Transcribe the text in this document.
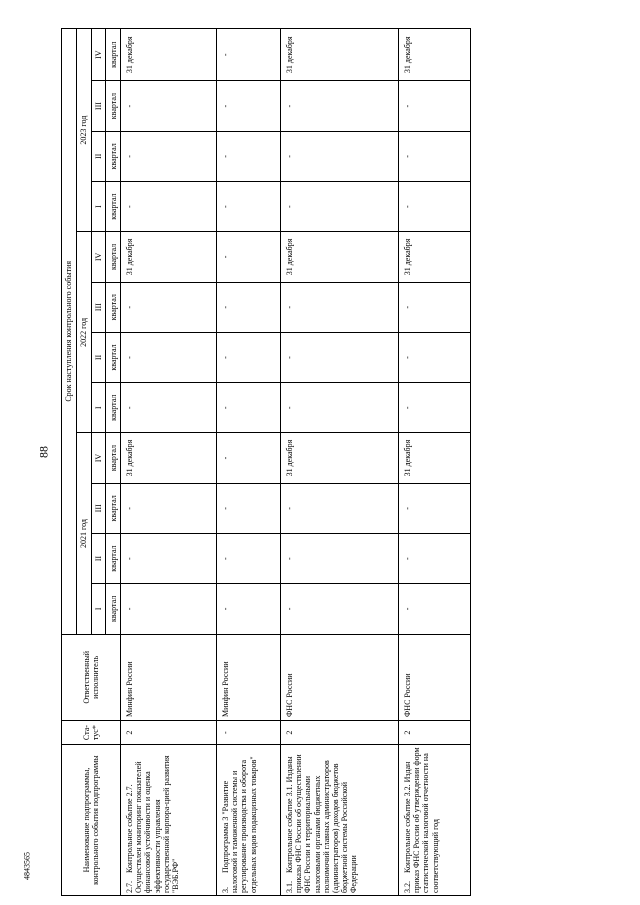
88
4843565	Наименование подпрограммы, контрольного события подпрограммы	Ста-тус*	Ответственный исполнитель	Срок наступления контрольного события											
			2021 год				2022 год				2023 год			
			I	II	III	IV	I	II	III	IV	I	II	III	IV
			квартал	квартал	квартал	квартал	квартал	квартал	квартал	квартал	квартал	квартал	квартал	квартал
2.7.Контрольное событие 2.7. Осуществлен мониторинг показателей финансовой устойчивости и оценка эффективности управления государственной корпора-цией развития "ВЭБ.РФ"	2	Минфин России	-	-	-	31 декабря	-	-	-	31 декабря	-	-	-	31 декабря
3.Подпрограмма 3 "Развитие налоговой и таможенной системы и регулирование производства и оборота отдельных видов подакцизных товаров"	-	Минфин России	-	-	-	-	-	-	-	-	-	-	-	-
3.1.Контрольное событие 3.1. Изданы приказы ФНС России об осуществлении ФНС России и территориальными налоговыми органами бюджетных полномочий главных администраторов (администраторов) доходов бюджетов бюджетной системы Российской Федерации	2	ФНС России	-	-	-	31 декабря	-	-	-	31 декабря	-	-	-	31 декабря
3.2.Контрольное событие 3.2. Издан приказ ФНС России об утверждении форм статистической налоговой отчетности на соответствующий год	2	ФНС России	-	-	-	31 декабря	-	-	-	31 декабря	-	-	-	31 декабря
